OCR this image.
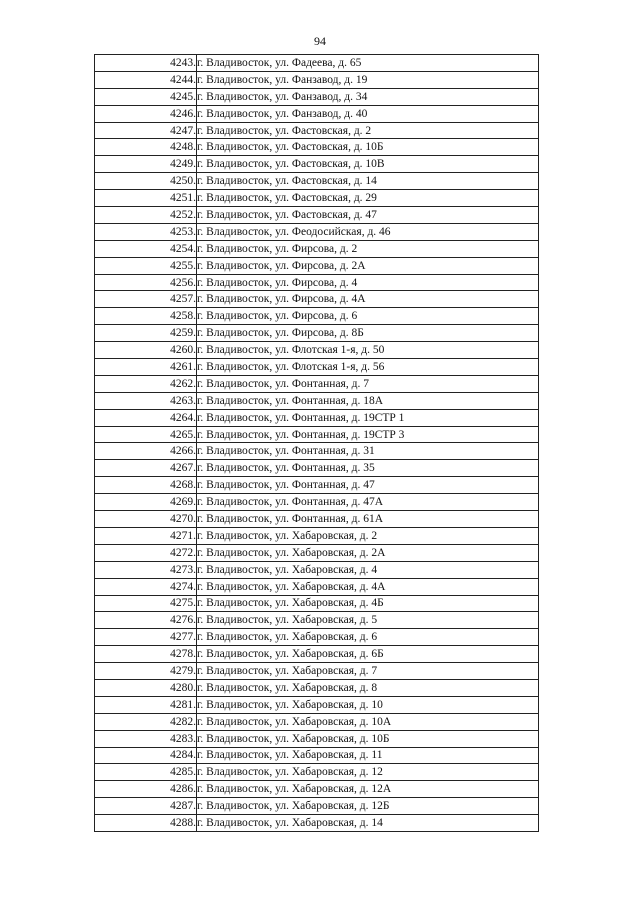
94
4243.	г. Владивосток, ул. Фадеева, д. 65
4244.	г. Владивосток, ул. Фанзавод, д. 19
4245.	г. Владивосток, ул. Фанзавод, д. 34
4246.	г. Владивосток, ул. Фанзавод, д. 40
4247.	г. Владивосток, ул. Фастовская, д. 2
4248.	г. Владивосток, ул. Фастовская, д. 10Б
4249.	г. Владивосток, ул. Фастовская, д. 10В
4250.	г. Владивосток, ул. Фастовская, д. 14
4251.	г. Владивосток, ул. Фастовская, д. 29
4252.	г. Владивосток, ул. Фастовская, д. 47
4253.	г. Владивосток, ул. Феодосийская, д. 46
4254.	г. Владивосток, ул. Фирсова, д. 2
4255.	г. Владивосток, ул. Фирсова, д. 2А
4256.	г. Владивосток, ул. Фирсова, д. 4
4257.	г. Владивосток, ул. Фирсова, д. 4А
4258.	г. Владивосток, ул. Фирсова, д. 6
4259.	г. Владивосток, ул. Фирсова, д. 8Б
4260.	г. Владивосток, ул. Флотская 1-я, д. 50
4261.	г. Владивосток, ул. Флотская 1-я, д. 56
4262.	г. Владивосток, ул. Фонтанная, д. 7
4263.	г. Владивосток, ул. Фонтанная, д. 18А
4264.	г. Владивосток, ул. Фонтанная, д. 19СТР 1
4265.	г. Владивосток, ул. Фонтанная, д. 19СТР 3
4266.	г. Владивосток, ул. Фонтанная, д. 31
4267.	г. Владивосток, ул. Фонтанная, д. 35
4268.	г. Владивосток, ул. Фонтанная, д. 47
4269.	г. Владивосток, ул. Фонтанная, д. 47А
4270.	г. Владивосток, ул. Фонтанная, д. 61А
4271.	г. Владивосток, ул. Хабаровская, д. 2
4272.	г. Владивосток, ул. Хабаровская, д. 2А
4273.	г. Владивосток, ул. Хабаровская, д. 4
4274.	г. Владивосток, ул. Хабаровская, д. 4А
4275.	г. Владивосток, ул. Хабаровская, д. 4Б
4276.	г. Владивосток, ул. Хабаровская, д. 5
4277.	г. Владивосток, ул. Хабаровская, д. 6
4278.	г. Владивосток, ул. Хабаровская, д. 6Б
4279.	г. Владивосток, ул. Хабаровская, д. 7
4280.	г. Владивосток, ул. Хабаровская, д. 8
4281.	г. Владивосток, ул. Хабаровская, д. 10
4282.	г. Владивосток, ул. Хабаровская, д. 10А
4283.	г. Владивосток, ул. Хабаровская, д. 10Б
4284.	г. Владивосток, ул. Хабаровская, д. 11
4285.	г. Владивосток, ул. Хабаровская, д. 12
4286.	г. Владивосток, ул. Хабаровская, д. 12А
4287.	г. Владивосток, ул. Хабаровская, д. 12Б
4288.	г. Владивосток, ул. Хабаровская, д. 14
